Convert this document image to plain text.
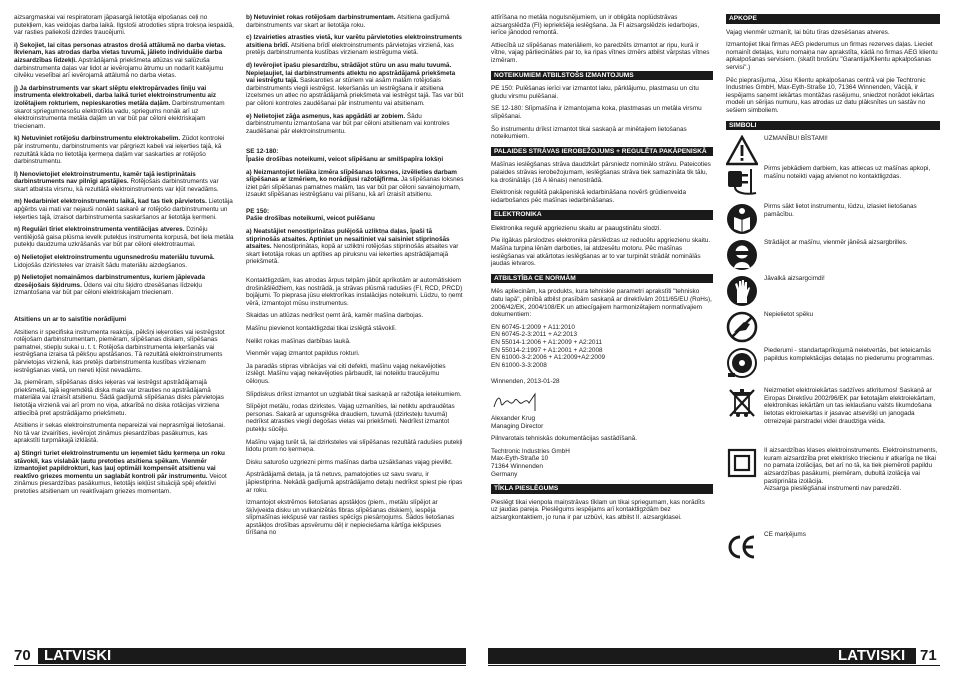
aizsargmaskai vai respiratoram jāpasargā lietotāja elpošanas ceļi no putekļiem, kas veidojas darba laikā. Ilgstoši atrodoties stipra troksņa iespaidā, var rasties paliekoši dzirdes traucējumi.

i) Sekojiet, lai citas personas atrastos drošā attālumā no darba vietas. Ikvienam, kas atrodas darba vietas tuvumā, jālieto individuālie darba aizsardzības līdzekļi. Apstrādājamā priekšmeta atlūzas vai salūzuša darbinstrumenta daļas var lidot ar ievērojamu ātrumu un nodarīt kaitējumu cilvēku veselībai arī ievērojamā attālumā no darba vietas.

j) Ja darbinstruments var skart slēptu elektropārvades līniju vai instrumenta elektrokabeli, darba laikā turiet elektroinstrumentu aiz izolētajiem rokturiem, nepieskaroties metāla daļām. Darbinstrumentam skarot spriegumnesošu elektrotīkla vadu, spriegums nonāk arī uz elektroinstrumenta metāla daļām un var būt par cēloni elektriskajam triecienam.

k) Netuviniet rotējošu darbinstrumentu elektrokabelim. Zūdot kontrolei pār instrumentu, darbinstruments var pārgriezt kabeli vai ieķerties tajā, kā rezultātā kāda no lietotāja ķermeņa daļām var saskarties ar rotējošo darbinstrumentu.

l) Nenovietojiet elektroinstrumentu, kamēr tajā iestiprinātais darbinstruments nav pilnīgi apstājies. Rotējošais darbinstruments var skart atbalsta virsmu, kā rezultātā elektroinstruments var kļūt nevadāms.

m) Nedarbiniet elektroinstrumentu laikā, kad tas tiek pārvietots. Lietotāja apģērbs vai mati var nejauši nonākt saskarē ar rotējošo darbinstrumentu un ieķerties tajā, izraisot darbinstrumenta saskaršanos ar lietotāja ķermeni.

n) Regulāri tīriet elektroinstrumenta ventilācijas atveres. Dzinēju ventilējošā gaisa plūsma ievelk putekļus instrumenta korpusā, bet liela metāla putekļu daudzuma uzkrāšanās var būt par cēloni elektrotraumai.

o) Nelietojiet elektroinstrumentu ugunsnedrošu materiālu tuvumā. Lidojošās dzirksteles var izraisīt šādu materiālu aizdegšanos.

p) Nelietojiet nomaināmos darbinstrumentus, kuriem jāpievada dzesējošais šķidrums. Ūdens vai citu šķidro dzesēšanas līdzekļu izmantošana var būt par cēloni elektriskajam triecienam.

Atsitiens un ar to saistītie norādījumi

Atsitiens ir specifiska instrumenta reakcija, pēkšņi ieķeroties vai iestrēgstot rotējošam darbinstrumentam, piemēram, slīpēšanas diskam, slīpēšanas pamatnei, stiepļu sukai u. t. t. Rotējoša darbinstrumenta ieķeršanās vai iestrēgšana izraisa tā pēkšņu apstāšanos. Tā rezultātā elektroinstruments pārvietojas virzienā, kas pretējs darbinstrumenta kustības virzienam iestrēgšanas vietā, un nereti kļūst nevadāms.

Ja, piemēram, slīpēšanas disks ieķeras vai iestrēgst apstrādājamajā priekšmetā, tajā iegremdētā diska mala var izrauties no apstrādājamā materiāla vai izraisīt atsitienu. Šādā gadījumā slīpēšanas disks pārvietojas lietotāja virzienā vai arī prom no viņa, atkarībā no diska rotācijas virziena attiecībā pret apstrādājamo priekšmetu.

Atsitiens ir sekas elektroinstrumenta nepareizai vai neprasmīgai lietošanai. No tā var izvairīties, ievērojot zināmus piesardzības pasākumus, kas aprakstīti turpmākajā izklāstā.

a) Stingri turiet elektroinstrumentu un ieņemiet tādu ķermeņa un roku stāvokli, kas vislabāk ļautu pretoties atsitiena spēkam. Vienmēr izmantojiet papildrokturi, kas ļauj optimāli kompensēt atsitienu vai reaktīvo griezes momentu un saglabāt kontroli pār instrumentu. Veicot zināmus piesardzības pasākumus, lietotājs iekļūst situācijā spēj efektīvi pretoties atsitienam un reaktīvajam griezes momentam.

b) Netuviniet rokas rotējošam darbinstrumentam. Atsitiena gadījumā darbinstruments var skart ar lietotāja roku.

c) Izvairieties atrasties vietā, kur varētu pārvietoties elektroinstruments atsitiena brīdī. Atsitiena brīdī elektroinstruments pārvietojas virzienā, kas pretējs darbinstrumenta kustības virzienam iestrēguma vietā.

d) Ievērojiet īpašu piesardzību, strādājot stūru un asu malu tuvumā. Nepieļaujiet, lai darbinstruments atlektu no apstrādājamā priekšmeta vai iestrēgtu tajā. Saskaroties ar stūriem vai asām malām rotējošais darbinstruments viegli iestrēgst. Ieķeršanās un iestrēgšana ir atsitiena izcelsmes un atlec no apstrādājamā priekšmeta vai iestrēgst tajā. Tas var būt par cēloni kontroles zaudēšanai pār instrumentu vai atsitienam.

e) Nelietojiet zāģa asmeņus, kas apgādāti ar zobiem. Šādu darbinstrumentu izmantošana var būt par cēloni atsitienam vai kontroles zaudēšanai pār elektroinstrumentu.

SE 12-180:
Īpašie drošības noteikumi, veicot slīpēšanu ar smilšpapīra lokšņi

a) Neizmantojiet lielāka izmēra slīpēšanas loksnes, izvēlieties darbam slīpēšanas ar izmēriem, ko norādījusi ražotājfirma. Ja slīpēšanas loksnes iziet pāri slīpēšanas pamatnes malām, tas var būt par cēloni savainojumam, izsaukt slīpēšanas iestrēgšanu vai plīšanu, kā arī izraisīt atsitienu.

PE 150:
Pašie drošības noteikumi, veicot pulēšanu

a) Neatstājiet nenostiprinātas pulējošā uzliktņa daļas, īpaši tā stiprinošās atsaites. Aptiniet un nesaitiniet vai saisiniet stiprinošās atsaites. Nenostiprinātas, kopā ar uzliktni rotējošas stiprinošās atsaites var skart lietotāja rokas un aptīties ap piruksnu vai iekerties apstrādājamajā priekšmetā.

Kontaktligzdām, kas atrodas ārpus telpām jābūt aprīkotām ar automātiskiem drošināšlēdžiem, kas nostrādā, ja strāvas plūsmā radušies (FI, RCD, PRCD) bojājumi. To pieprasa jūsu elektrorīkas instalācijas noteikumi. Lūdzu, to ņemt vērā, izmantojot mūsu instrumentus.

Skaidas un atlūzas nedrīkst ņemt ārā, kamēr mašīna darbojas.

Mašīnu pievienot kontaktligzdai tikai izslēgtā stāvoklī.

Nelikt rokas mašīnas darbības laukā.

Vienmēr vajag izmantot papildus rokturi.

Ja paradās stipras vibrācijas vai citi defekti, mašīnu vajag nekavējoties izslēgt. Mašīnu vajag nekavējoties pārbaudīt, lai noteiktu traucējumu cēloņus.

Slīpdiskus drīkst izmantot un uzglabāt tikai saskaņā ar ražotāja ieteikumiem.

Slīpējot metālu, rodas dzirkstes. Vajag uzmanīties, lai netiktu apdraudētas personas. Sakarā ar ugunsgrēka draudiem, tuvumā (dzirksteļu tuvumā) nedrīkst atrasties viegli degošas vielas vai priekšmeti. Nedrīkst izmantot putekļu sūcēju.

Mašīnu vajag turēt tā, lai dzirksteles vai slīpēšanas rezultātā radušies putekļi lidotu prom no ķermeņa.

Disku saturošo uzgriezni pirms mašīnas darba uzsākšanas vajag pievilkt.

Apstrādājamā detaļa, ja tā netuvs, pamatojoties uz savu svaru, ir jāpiestiprina. Nekādā gadījumā apstrādājamo detaļu nedrīkst spiest pie ripas ar roku.

Izmantojot ekstrēmos lietošanas apstākļos (piem., metālu slīpējot ar šķīvjveida disku un vulkanizētās fibras slīpēšanas diskiem), iespēja slīpmašīnas iekšpusē var rasties spēcīgs piesārņojums. Šādos lietošanas apstākļos drošības apsvērumu dēļ ir nepieciešama kārtīga iekšpuses tīrīšana no

70 LATVISKI

attīrīšana no metāla nogulsnējumiem, un ir obligāta noplūdstrāvas aizsargslēdža (FI) iepriekšēja ieslēgšana. Ja FI aizsargslēdzis iedarbojas, ierīce jānodod remontā.

Attiecībā uz slīpēšanas materiāliem, ko paredzēts izmantot ar ripu, kurā ir vītne, vajag pārliecināties par to, ka ripas vītnes izmērs atbilst vārpstas vītnes izmēram.

NOTEIKUMIEM ATBILSTOŠS IZMANTOJUMS

PE 150: Pulēšanas ierīci var izmantot laku, pārklājumu, plastmasu un citu gludu virsmu pulēšanai.

SE 12-180: Slīpmašīna ir izmantojama koka, plastmasas un metāla virsmu slīpēšanai.

Šo instrumentu drīkst izmantot tikai saskaņā ar minētajiem lietošanas noteikumiem.

PALAIDES STRĀVAS IEROBEŽOJUMS + REGULĒTA PAKĀPENISKĀ

Mašīnas ieslēgšanas strāva daudzkārt pārsniedz nominālo strāvu. Pateicoties palaides strāvas ierobežojumam, ieslēgšanas strāva tiek samazināta tik tālu, ka drošinātājs (16 A lēnais) nenostrādā.

Elektronisk regulētā pakāpeniskā iedarbināšana novērš grūdienveida iedarbošanos pēc mašīnas iedarbināšanas.

ELEKTRONIKA

Elektronika regulē apgriezienu skaitu ar paaugstinātu slodzi.

Pie ilgākas pārslodzes elektronika pārslēdzas uz reducētu apgriezienu skaitu. Mašīna turpina lēnām darboties, lai atdzesētu motoru. Pēc mašīnas ieslēgšanas vai atkārtotas ieslēgšanas ar to var turpināt strādāt nominālās jaudas ietvaros.

ATBILSTĪBA CE NORMĀM

Mēs apliecinām, ka produkts, kura tehniskie parametri aprakstīti "tehnisko datu lapā", pilnībā atbilst prasībām saskaņā ar direktīvām 2011/65/EU (RoHs), 2006/42/EK, 2004/108/EK un attiecīgajiem harmonizētajiem normatīvajiem dokumentiem:

EN 60745-1:2009 + A11:2010
EN 60745-2-3:2011 + A2:2013
EN 55014-1:2006 + A1:2009 + A2:2011
EN 55014-2:1997 + A1:2001 + A2:2008
EN 61000-3-2:2006 + A1:2009+A2:2009
EN 61000-3-3:2008

Winnenden, 2013-01-28

Alexander Krug
Managing Director

Pilnvarotais tehniskās dokumentācijas sastādīšanā.

Techtronic Industries GmbH
Max-Eyth-Straße 10
71364 Winnenden
Germany

TĪKLA PIESLĒGUMS

Pieslēgt tikai vienpola maiņstrāvas tīklam un tikai spriegumam, kas norādīts uz jaudas pareja. Pieslēgums iespējams arī kontaktligzdām bez aizsargkontaktiem, jo runa ir par uzbūvi, kas atbilst II. aizsargklasei.

APKOPE

Vajag vienmēr uzmanīt, lai būtu tīras dzesēšanas atveres.

Izmantojiet tikai firmas AEG piederumus un firmas rezerves daļas. Lieciet nomainīt detaļas, kuru nomaiņa nav aprakstīta, kādā no firmas AEG klientu apkalpošanas servisiem. (skatīt brošūru "Garantija/Klientu apkalpošanas servisi".)

Pēc pieprasījuma, Jūsu Klientu apkalpošanas centrā vai pie Techtronic Industries GmbH, Max-Eyth-Straße 10, 71364 Winnenden, Vācijā, ir iespējams saņemt iekārtas montāžas rasējumu, sniedzot norādot iekārtas modeli un sērijas numuru, kas atrodas uz datu plāksnītes un sastāv no sešiem simboliem.

SIMBOLI
UZMANĪBU! BĪSTAMI!
Pirms jebkādiem darbiem, kas attiecas uz mašīnas apkopi, mašīnu noteikti vajag atvienot no kontaktligzdas.
Pirms sākt lietot instrumentu, lūdzu, izlasiet lietošanas pamācību.
Strādājot ar mašīnu, vienmēr jānēsā aizsargbrilles.
Jāvalkā aizsargcimdi!
Nepielietot spēku
Piederumi - standartaprīkojumā neietvertās, bet ieteicamās papildus komplektācijas detaļas no piederumu programmas.
Neizmetiet elektroiekārtas sadzīves atkritumos! Saskaņā ar Eiropas Direktīvu 2002/96/EK par lietotajām elektroiekārtam, elektronikas iekārtām un tas ieklaušanu valsts likumdošana lietotas ektroiekartas ir jasavac atsevišķi un janogada otrreizejai parstradei videi draudziga veida.
II aizsardzības klases elektroinstruments. Elektroinstruments, kuram aizsardzība pret elektrisko triecienu ir atkarīga ne tikai no pamata izolācijas, bet arī no tā, ka tiek piemēroti papildu aizsardzības pasākumi, piemēram, dubultā izolācija vai pastiprināta izolācija.
Aizsarga pieslēgšanai instrumenti nav paredzēti.
CE marķējums
LATVISKI 71
